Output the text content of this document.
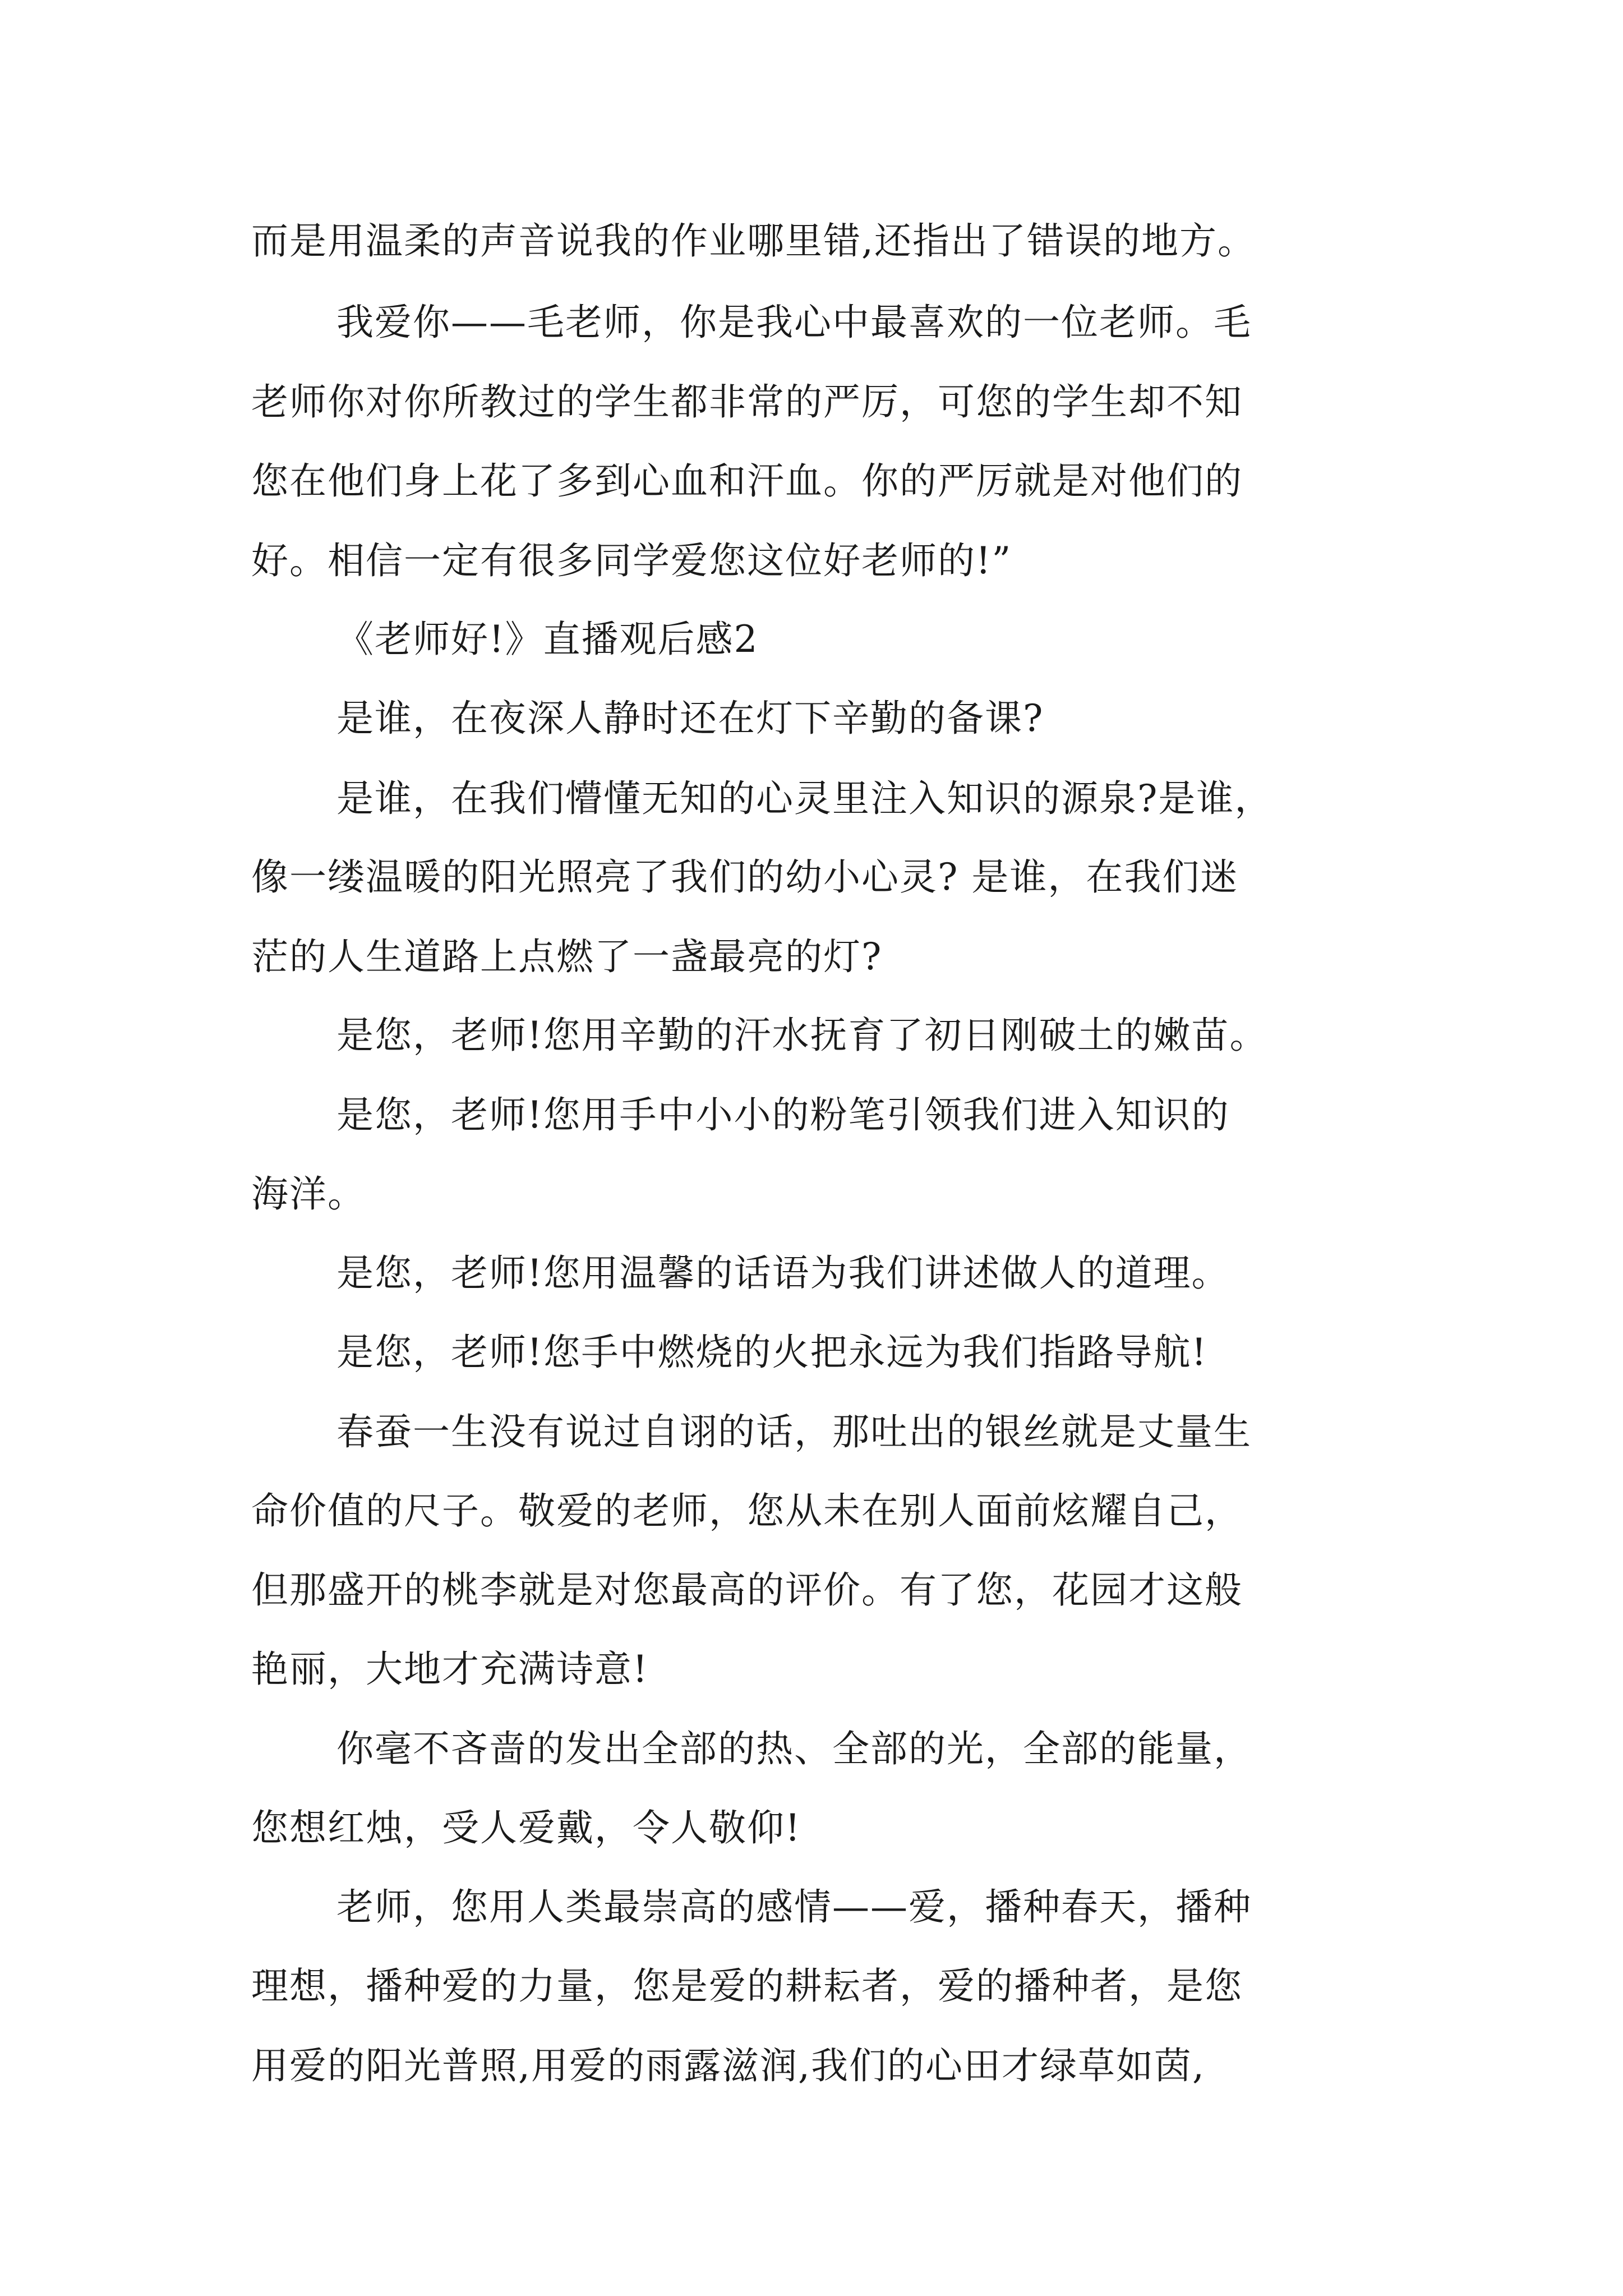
而是用温柔的声音说我的作业哪里错,还指出了错误的地方。
我爱你——毛老师，你是我心中最喜欢的一位老师。毛
老师你对你所教过的学生都非常的严厉，可您的学生却不知
您在他们身上花了多到心血和汗血。你的严厉就是对他们的
好。相信一定有很多同学爱您这位好老师的!”
《老师好!》直播观后感2
是谁，在夜深人静时还在灯下辛勤的备课?
是谁，在我们懵懂无知的心灵里注入知识的源泉?是谁，
像一缕温暖的阳光照亮了我们的幼小心灵? 是谁，在我们迷
茫的人生道路上点燃了一盏最亮的灯?
是您，老师!您用辛勤的汗水抚育了初日刚破土的嫩苗。
是您，老师!您用手中小小的粉笔引领我们进入知识的
海洋。
是您，老师!您用温馨的话语为我们讲述做人的道理。
是您，老师!您手中燃烧的火把永远为我们指路导航!
春蚕一生没有说过自诩的话，那吐出的银丝就是丈量生
命价值的尺子。敬爱的老师，您从未在别人面前炫耀自己，
但那盛开的桃李就是对您最高的评价。有了您，花园才这般
艳丽，大地才充满诗意!
你毫不吝啬的发出全部的热、全部的光，全部的能量，
您想红烛，受人爱戴，令人敬仰!
老师，您用人类最崇高的感情——爱，播种春天，播种
理想，播种爱的力量，您是爱的耕耘者，爱的播种者，是您
用爱的阳光普照,用爱的雨露滋润,我们的心田才绿草如茵,
